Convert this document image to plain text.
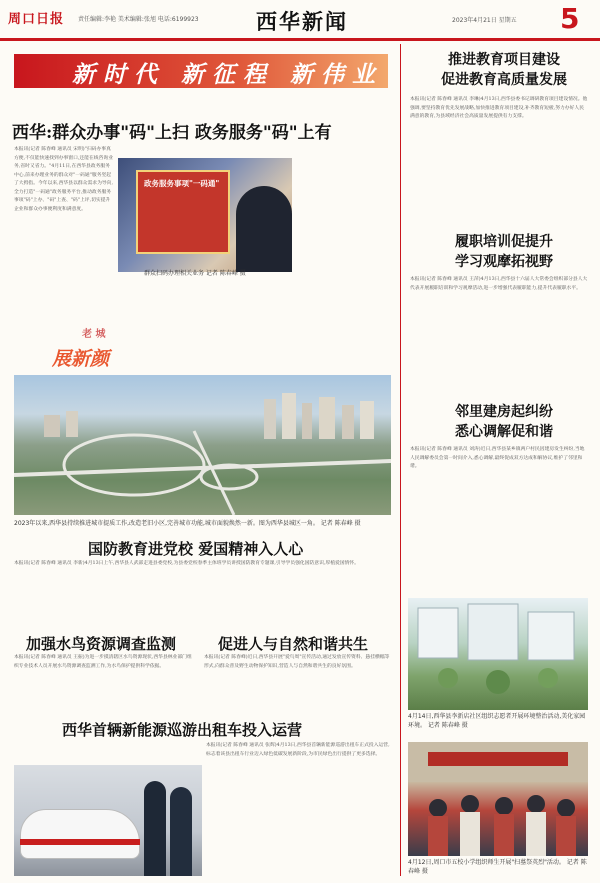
周口日报 责任编辑:李艳 美术编辑:张旭 电话:6199923	西华新闻	2023年4月21日 星期五 5
新时代 新征程 新伟业
西华:群众办事"码"上扫 政务服务"码"上有
本报讯(记者 陈春峰 通讯员 宋明)"扫码办事真方便,不仅能快速找到办事窗口,还能在线咨询业务,省时又省力。"4月11日,在西华县政务服务中心,前来办理业务的群众对"一码通"服务竖起了大拇指。今年以来,西华县以群众需求为导向,全力打造"一码通"政务服务平台,推动政务服务事项"码"上办、"码"上查、"码"上评,切实提升企业和群众办事便利度和满意度。
政务服务事项"一码通"
群众扫码办理相关业务 记者 陈春峰 摄
老 城
展新颜
2023年以来,西华县持续推进城市提质工作,改造老旧小区,完善城市功能,城市面貌焕然一新。图为西华县城区一角。 记者 陈春峰 摄
国防教育进党校 爱国精神入人心
本报讯(记者 陈春峰 通讯员 李新)4月13日上午,西华县人武部走进县委党校,为县委党校春季主体班学员讲授国防教育专题课,引导学员强化国防意识,厚植爱国情怀。
加强水鸟资源调查监测
本报讯(记者 陈春峰 通讯员 王振)为进一步摸清辖区水鸟资源现状,西华县林业部门组织专业技术人员开展水鸟资源调查监测工作,为水鸟保护提供科学依据。
促进人与自然和谐共生
本报讯(记者 陈春峰)近日,西华县开展"爱鸟周"宣传活动,通过发放宣传资料、悬挂横幅等形式,向群众普及野生动物保护知识,营造人与自然和谐共生的良好氛围。
西华首辆新能源巡游出租车投入运营
本报讯(记者 陈春峰 通讯员 张辉)4月13日,西华县首辆新能源巡游出租车正式投入运营,标志着该县出租车行业迈入绿色低碳发展新阶段,为市民绿色出行提供了更多选择。
推进教育项目建设
促进教育高质量发展
本报讯(记者 陈春峰 通讯员 李琳)4月13日,西华县委书记调研教育项目建设情况。他强调,要坚持教育优先发展战略,加快推进教育项目建设,补齐教育短板,努力办好人民满意的教育,为县域经济社会高质量发展提供有力支撑。
履职培训促提升
学习观摩拓视野
本报讯(记者 陈春峰 通讯员 王萍)4月13日,西华县十六届人大常委会组织部分县人大代表开展履职培训和学习观摩活动,进一步增强代表履职能力,提升代表履职水平。
邻里建房起纠纷
悉心调解促和谐
本报讯(记者 陈春峰 通讯员 刘涛)近日,西华县某乡镇两户村民因建房发生纠纷,当地人民调解委员会第一时间介入,悉心调解,最终促成双方达成和解协议,维护了邻里和谐。
4月14日,西华县李新店社区组织志愿者开展环境整治活动,美化家园环境。 记者 陈春峰 摄
4月12日,周口市五校小学组织师生开展"扫墓祭英烈"活动。 记者 陈春峰 摄
